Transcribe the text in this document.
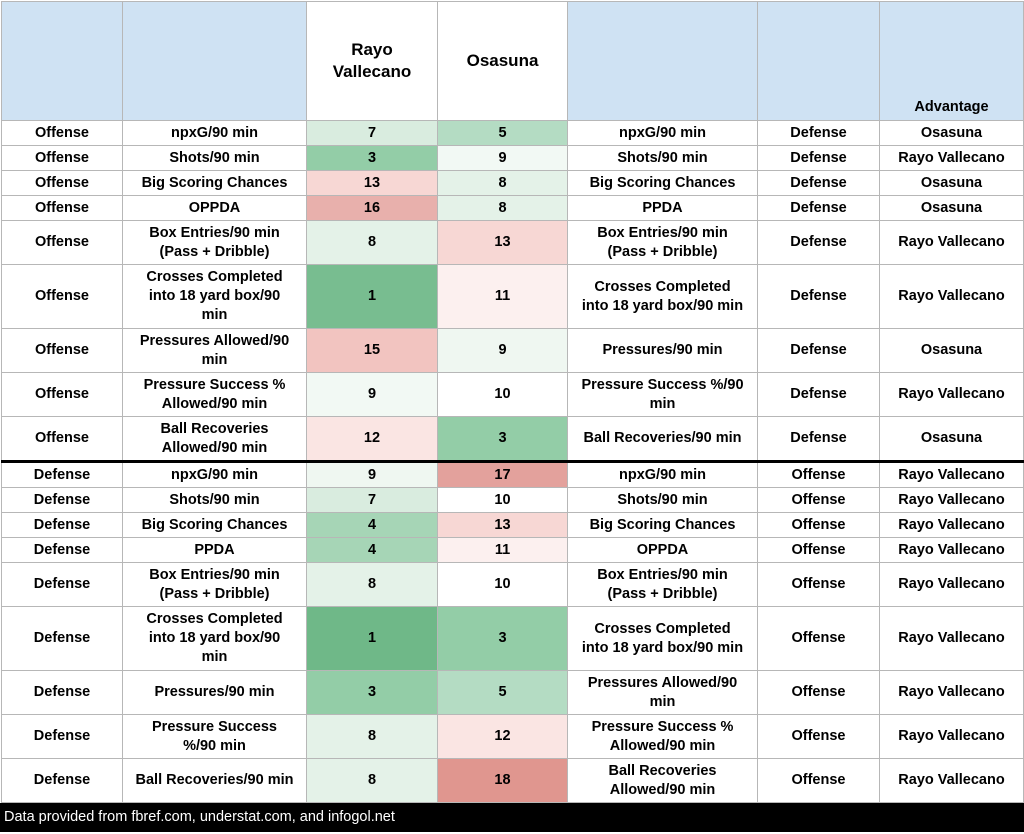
		Rayo
Vallecano	Osasuna			Advantage
Offense	npxG/90 min	7	5	npxG/90 min	Defense	Osasuna
Offense	Shots/90 min	3	9	Shots/90 min	Defense	Rayo Vallecano
Offense	Big Scoring Chances	13	8	Big Scoring Chances	Defense	Osasuna
Offense	OPPDA	16	8	PPDA	Defense	Osasuna
Offense	Box Entries/90 min
(Pass + Dribble)	8	13	Box Entries/90 min
(Pass + Dribble)	Defense	Rayo Vallecano
Offense	Crosses Completed
into 18 yard box/90
min	1	11	Crosses Completed
into 18 yard box/90 min	Defense	Rayo Vallecano
Offense	Pressures Allowed/90
min	15	9	Pressures/90 min	Defense	Osasuna
Offense	Pressure Success %
Allowed/90 min	9	10	Pressure Success %/90
min	Defense	Rayo Vallecano
Offense	Ball Recoveries
Allowed/90 min	12	3	Ball Recoveries/90 min	Defense	Osasuna
Defense	npxG/90 min	9	17	npxG/90 min	Offense	Rayo Vallecano
Defense	Shots/90 min	7	10	Shots/90 min	Offense	Rayo Vallecano
Defense	Big Scoring Chances	4	13	Big Scoring Chances	Offense	Rayo Vallecano
Defense	PPDA	4	11	OPPDA	Offense	Rayo Vallecano
Defense	Box Entries/90 min
(Pass + Dribble)	8	10	Box Entries/90 min
(Pass + Dribble)	Offense	Rayo Vallecano
Defense	Crosses Completed
into 18 yard box/90
min	1	3	Crosses Completed
into 18 yard box/90 min	Offense	Rayo Vallecano
Defense	Pressures/90 min	3	5	Pressures Allowed/90
min	Offense	Rayo Vallecano
Defense	Pressure Success
%/90 min	8	12	Pressure Success %
Allowed/90 min	Offense	Rayo Vallecano
Defense	Ball Recoveries/90 min	8	18	Ball Recoveries
Allowed/90 min	Offense	Rayo Vallecano
Data provided from fbref.com, understat.com, and infogol.net
